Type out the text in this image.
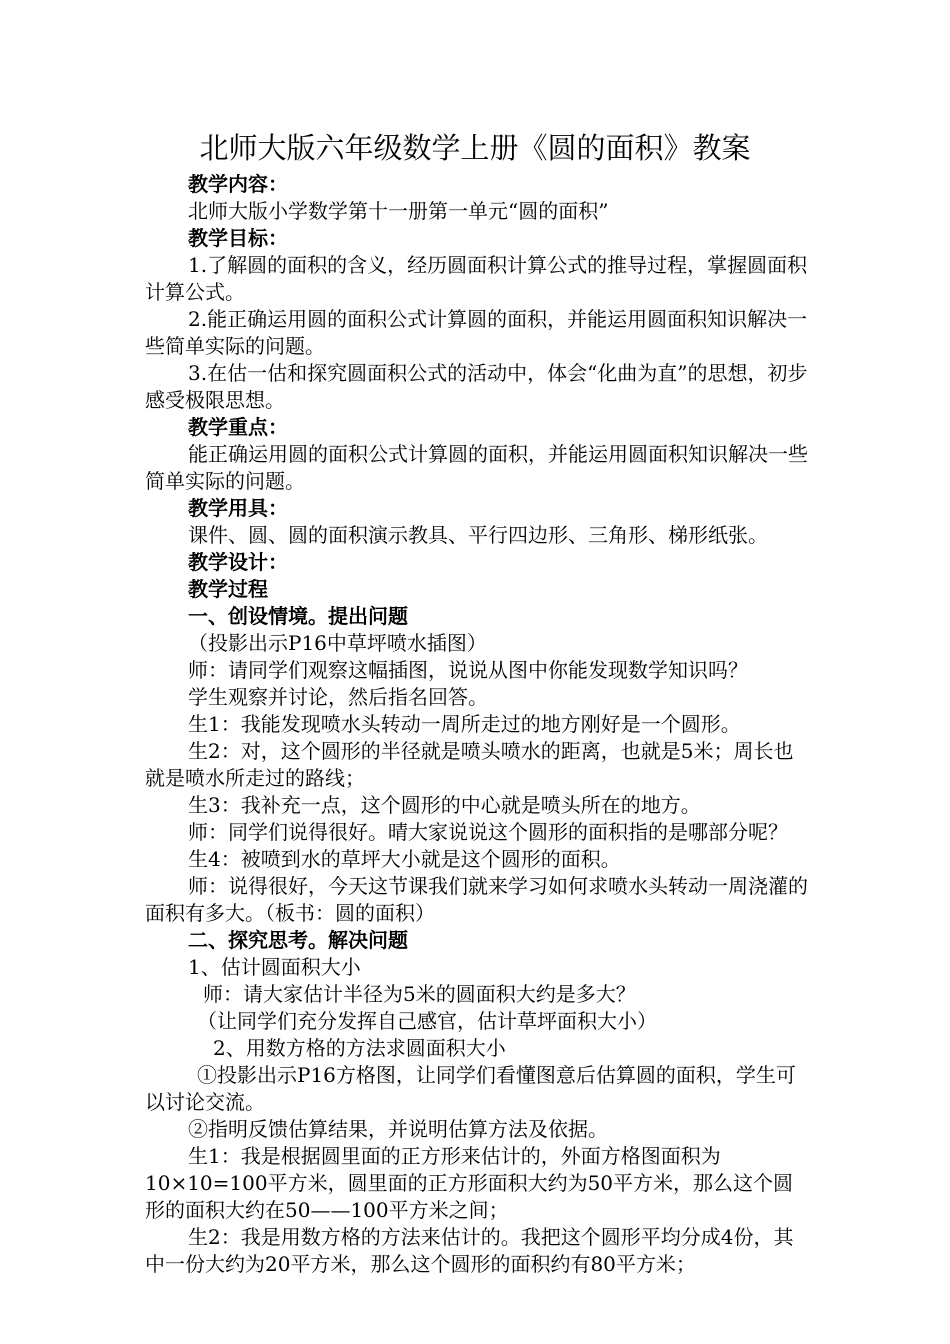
北师大版六年级数学上册《圆的面积》教案

教学内容：

北师大版小学数学第十一册第一单元“圆的面积”

教学目标：

1.了解圆的面积的含义，经历圆面积计算公式的推导过程，掌握圆面积计算公式。

2.能正确运用圆的面积公式计算圆的面积，并能运用圆面积知识解决一些简单实际的问题。

3.在估一估和探究圆面积公式的活动中，体会“化曲为直”的思想，初步感受极限思想。

教学重点：

能正确运用圆的面积公式计算圆的面积，并能运用圆面积知识解决一些简单实际的问题。

教学用具：

课件、圆、圆的面积演示教具、平行四边形、三角形、梯形纸张。

教学设计：

教学过程

一、创设情境。提出问题

（投影出示P16中草坪喷水插图）

师：请同学们观察这幅插图，说说从图中你能发现数学知识吗？

学生观察并讨论，然后指名回答。

生1：我能发现喷水头转动一周所走过的地方刚好是一个圆形。

生2：对，这个圆形的半径就是喷头喷水的距离，也就是5米；周长也就是喷水所走过的路线；

生3：我补充一点，这个圆形的中心就是喷头所在的地方。

师：同学们说得很好。晴大家说说这个圆形的面积指的是哪部分呢？

生4：被喷到水的草坪大小就是这个圆形的面积。

师：说得很好，今天这节课我们就来学习如何求喷水头转动一周浇灌的面积有多大。（板书：圆的面积）

二、探究思考。解决问题

1、估计圆面积大小

师：请大家估计半径为5米的圆面积大约是多大？

（让同学们充分发挥自己感官，估计草坪面积大小）

2、用数方格的方法求圆面积大小

①投影出示P16方格图，让同学们看懂图意后估算圆的面积，学生可以讨论交流。

②指明反馈估算结果，并说明估算方法及依据。

生1：我是根据圆里面的正方形来估计的，外面方格图面积为10×10=100平方米，圆里面的正方形面积大约为50平方米，那么这个圆形的面积大约在50——100平方米之间；

生2：我是用数方格的方法来估计的。我把这个圆形平均分成4份，其中一份大约为20平方米，那么这个圆形的面积约有80平方米；
